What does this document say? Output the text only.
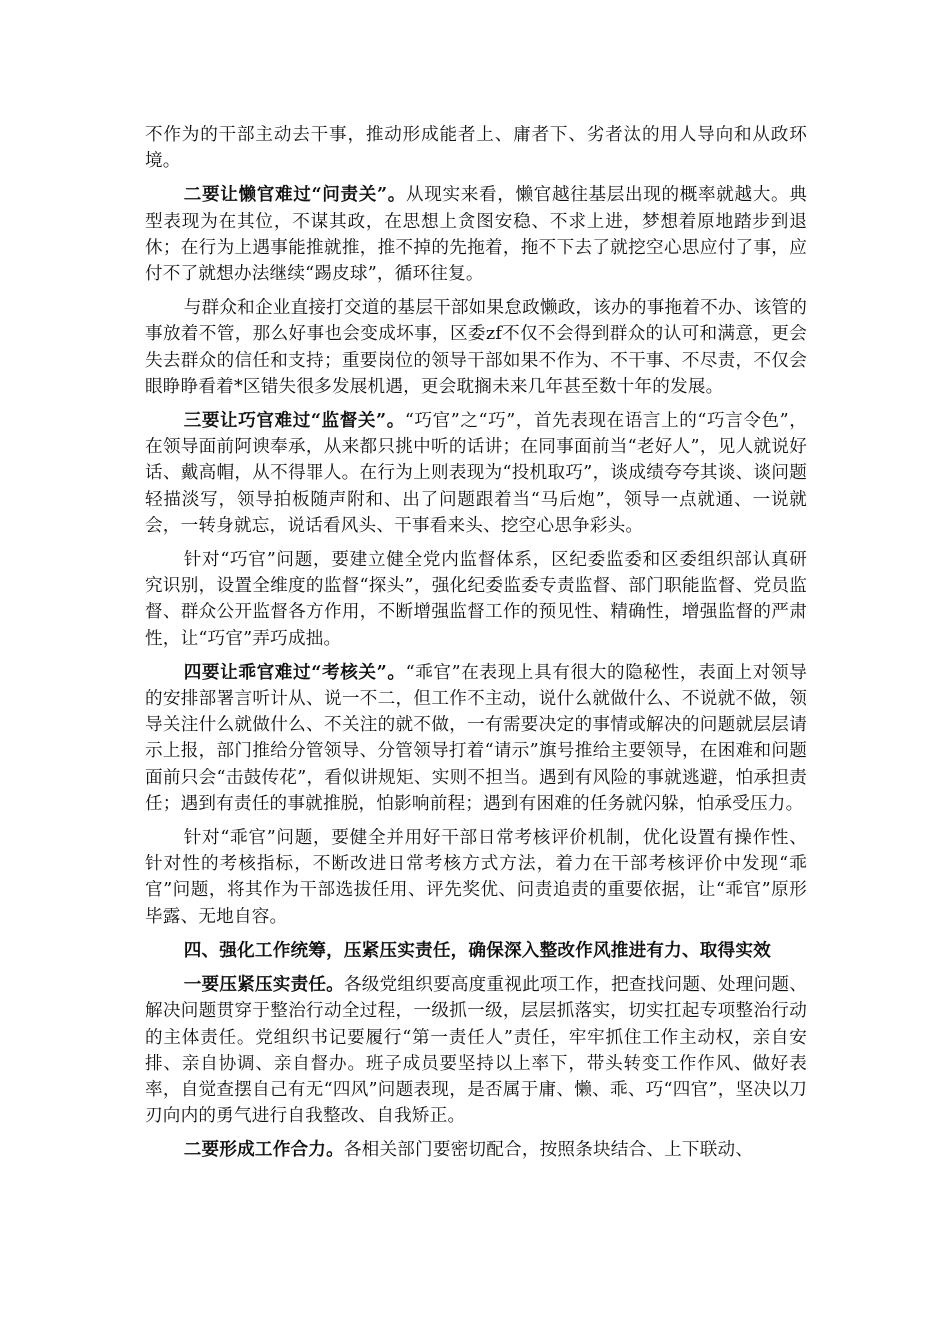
不作为的干部主动去干事，推动形成能者上、庸者下、劣者汰的用人导向和从政环境。

二要让懒官难过“问责关”。从现实来看，懒官越往基层出现的概率就越大。典型表现为在其位，不谋其政，在思想上贪图安稳、不求上进，梦想着原地踏步到退休；在行为上遇事能推就推，推不掉的先拖着，拖不下去了就挖空心思应付了事，应付不了就想办法继续“踢皮球”，循环往复。

与群众和企业直接打交道的基层干部如果怠政懒政，该办的事拖着不办、该管的事放着不管，那么好事也会变成坏事，区委zf不仅不会得到群众的认可和满意，更会失去群众的信任和支持；重要岗位的领导干部如果不作为、不干事、不尽责，不仅会眼睁睁看着*区错失很多发展机遇，更会耽搁未来几年甚至数十年的发展。

三要让巧官难过“监督关”。“巧官”之“巧”，首先表现在语言上的“巧言令色”，在领导面前阿谀奉承，从来都只挑中听的话讲；在同事面前当“老好人”，见人就说好话、戴高帽，从不得罪人。在行为上则表现为“投机取巧”，谈成绩夸夸其谈、谈问题轻描淡写，领导拍板随声附和、出了问题跟着当“马后炮”，领导一点就通、一说就会，一转身就忘，说话看风头、干事看来头、挖空心思争彩头。

针对“巧官”问题，要建立健全党内监督体系，区纪委监委和区委组织部认真研究识别，设置全维度的监督“探头”，强化纪委监委专责监督、部门职能监督、党员监督、群众公开监督各方作用，不断增强监督工作的预见性、精确性，增强监督的严肃性，让“巧官”弄巧成拙。

四要让乖官难过“考核关”。“乖官”在表现上具有很大的隐秘性，表面上对领导的安排部署言听计从、说一不二，但工作不主动，说什么就做什么、不说就不做，领导关注什么就做什么、不关注的就不做，一有需要决定的事情或解决的问题就层层请示上报，部门推给分管领导、分管领导打着“请示”旗号推给主要领导，在困难和问题面前只会“击鼓传花”，看似讲规矩、实则不担当。遇到有风险的事就逃避，怕承担责任；遇到有责任的事就推脱，怕影响前程；遇到有困难的任务就闪躲，怕承受压力。

针对“乖官”问题，要健全并用好干部日常考核评价机制，优化设置有操作性、针对性的考核指标，不断改进日常考核方式方法，着力在干部考核评价中发现“乖官”问题，将其作为干部选拔任用、评先奖优、问责追责的重要依据，让“乖官”原形毕露、无地自容。

四、强化工作统筹，压紧压实责任，确保深入整改作风推进有力、取得实效

一要压紧压实责任。各级党组织要高度重视此项工作，把查找问题、处理问题、解决问题贯穿于整治行动全过程，一级抓一级，层层抓落实，切实扛起专项整治行动的主体责任。党组织书记要履行“第一责任人”责任，牢牢抓住工作主动权，亲自安排、亲自协调、亲自督办。班子成员要坚持以上率下，带头转变工作作风、做好表率，自觉查摆自己有无“四风”问题表现，是否属于庸、懒、乖、巧“四官”，坚决以刀刃向内的勇气进行自我整改、自我矫正。

二要形成工作合力。各相关部门要密切配合，按照条块结合、上下联动、
